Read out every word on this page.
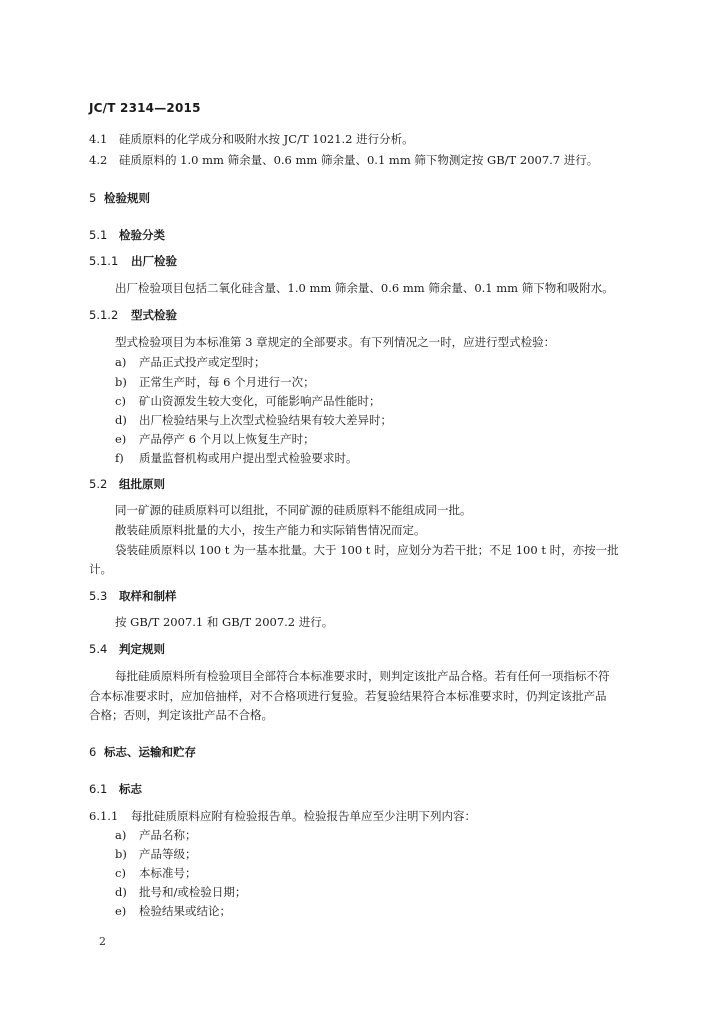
JC/T 2314—2015
4.1 硅质原料的化学成分和吸附水按 JC/T 1021.2 进行分析。
4.2 硅质原料的 1.0 mm 筛余量、0.6 mm 筛余量、0.1 mm 筛下物测定按 GB/T 2007.7 进行。
5 检验规则
5.1 检验分类
5.1.1 出厂检验
出厂检验项目包括二氧化硅含量、1.0 mm 筛余量、0.6 mm 筛余量、0.1 mm 筛下物和吸附水。
5.1.2 型式检验
型式检验项目为本标准第 3 章规定的全部要求。有下列情况之一时，应进行型式检验：
a) 产品正式投产或定型时；
b) 正常生产时，每 6 个月进行一次；
c) 矿山资源发生较大变化，可能影响产品性能时；
d) 出厂检验结果与上次型式检验结果有较大差异时；
e) 产品停产 6 个月以上恢复生产时；
f) 质量监督机构或用户提出型式检验要求时。
5.2 组批原则
同一矿源的硅质原料可以组批，不同矿源的硅质原料不能组成同一批。
散装硅质原料批量的大小，按生产能力和实际销售情况而定。
袋装硅质原料以 100 t 为一基本批量。大于 100 t 时，应划分为若干批；不足 100 t 时，亦按一批
计。
5.3 取样和制样
按 GB/T 2007.1 和 GB/T 2007.2 进行。
5.4 判定规则
每批硅质原料所有检验项目全部符合本标准要求时，则判定该批产品合格。若有任何一项指标不符
合本标准要求时，应加倍抽样，对不合格项进行复验。若复验结果符合本标准要求时，仍判定该批产品
合格；否则，判定该批产品不合格。
6 标志、运输和贮存
6.1 标志
6.1.1 每批硅质原料应附有检验报告单。检验报告单应至少注明下列内容：
a) 产品名称；
b) 产品等级；
c) 本标准号；
d) 批号和/或检验日期；
e) 检验结果或结论；
2
